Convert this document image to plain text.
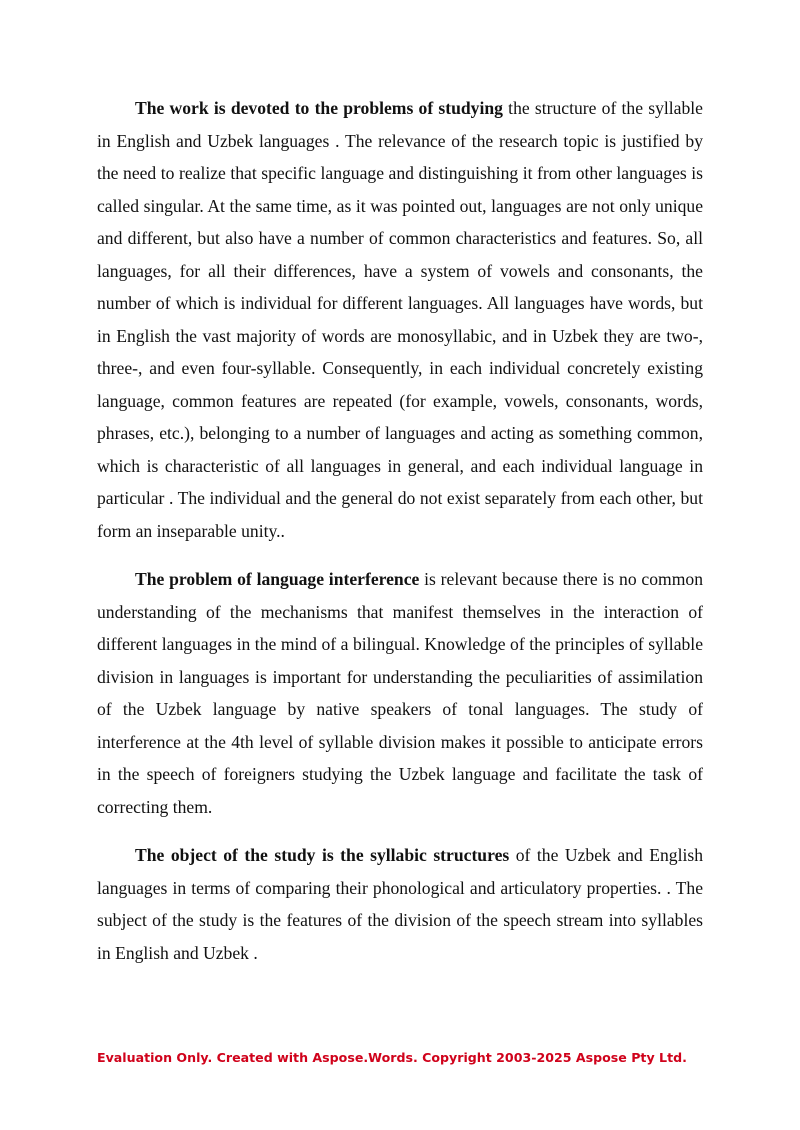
The work is devoted to the problems of studying the structure of the syllable in English and Uzbek languages . The relevance of the research topic is justified by the need to realize that specific language and distinguishing it from other languages is called singular. At the same time, as it was pointed out, languages are not only unique and different, but also have a number of common characteristics and features. So, all languages, for all their differences, have a system of vowels and consonants, the number of which is individual for different languages. All languages have words, but in English the vast majority of words are monosyllabic, and in Uzbek they are two-, three-, and even four-syllable. Consequently, in each individual concretely existing language, common features are repeated (for example, vowels, consonants, words, phrases, etc.), belonging to a number of languages and acting as something common, which is characteristic of all languages in general, and each individual language in particular . The individual and the general do not exist separately from each other, but form an inseparable unity..

The problem of language interference is relevant because there is no common understanding of the mechanisms that manifest themselves in the interaction of different languages in the mind of a bilingual. Knowledge of the principles of syllable division in languages is important for understanding the peculiarities of assimilation of the Uzbek language by native speakers of tonal languages. The study of interference at the 4th level of syllable division makes it possible to anticipate errors in the speech of foreigners studying the Uzbek language and facilitate the task of correcting them.

The object of the study is the syllabic structures of the Uzbek and English languages in terms of comparing their phonological and articulatory properties. . The subject of the study is the features of the division of the speech stream into syllables in English and Uzbek .

Evaluation Only. Created with Aspose.Words. Copyright 2003-2025 Aspose Pty Ltd.
